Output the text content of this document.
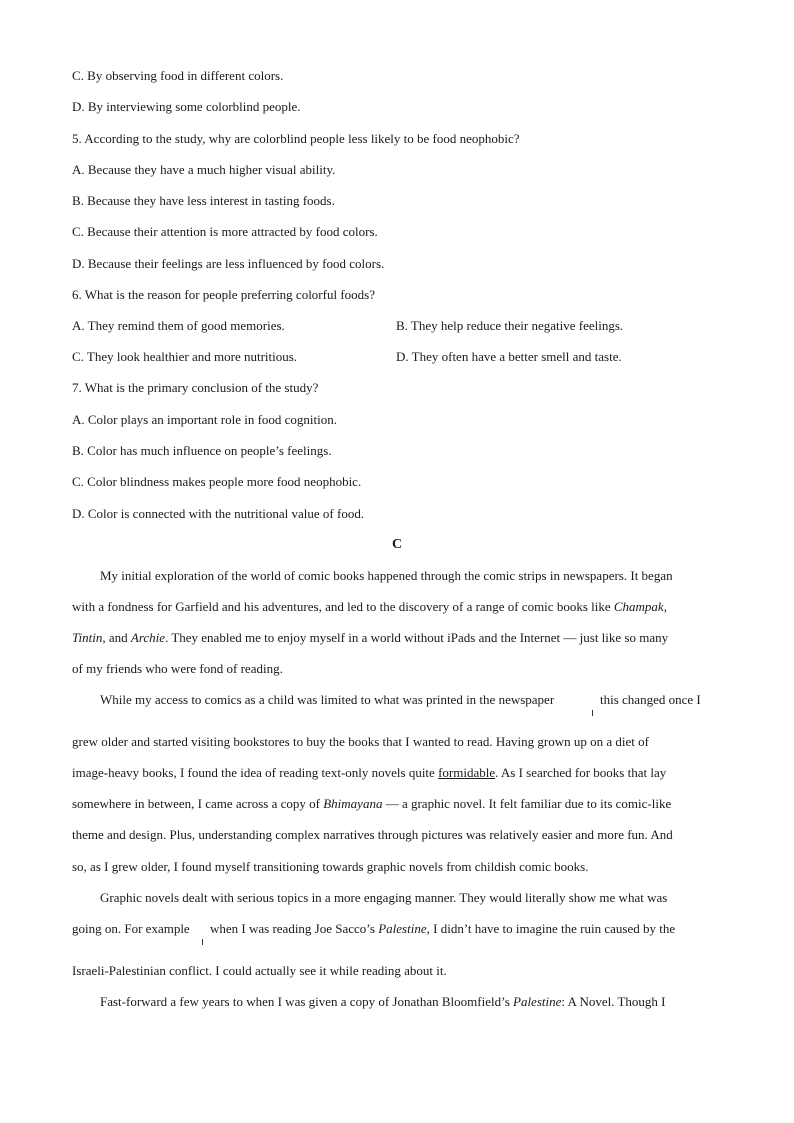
C. By observing food in different colors.
D. By interviewing some colorblind people.
5. According to the study, why are colorblind people less likely to be food neophobic?
A. Because they have a much higher visual ability.
B. Because they have less interest in tasting foods.
C. Because their attention is more attracted by food colors.
D. Because their feelings are less influenced by food colors.
6. What is the reason for people preferring colorful foods?
A. They remind them of good memories.	B. They help reduce their negative feelings.
C. They look healthier and more nutritious.	D. They often have a better smell and taste.
7. What is the primary conclusion of the study?
A. Color plays an important role in food cognition.
B. Color has much influence on people’s feelings.
C. Color blindness makes people more food neophobic.
D. Color is connected with the nutritional value of food.
C
My initial exploration of the world of comic books happened through the comic strips in newspapers. It began
with a fondness for Garfield and his adventures, and led to the discovery of a range of comic books like Champak,
Tintin, and Archie. They enabled me to enjoy myself in a world without iPads and the Internet — just like so many
of my friends who were fond of reading.
While my access to comics as a child was limited to what was printed in the newspaper	this changed once I
grew older and started visiting bookstores to buy the books that I wanted to read. Having grown up on a diet of
image-heavy books, I found the idea of reading text-only novels quite formidable. As I searched for books that lay
somewhere in between, I came across a copy of Bhimayana — a graphic novel. It felt familiar due to its comic-like
theme and design. Plus, understanding complex narratives through pictures was relatively easier and more fun. And
so, as I grew older, I found myself transitioning towards graphic novels from childish comic books.
Graphic novels dealt with serious topics in a more engaging manner. They would literally show me what was
going on. For example when I was reading Joe Sacco’s Palestine, I didn’t have to imagine the ruin caused by the
Israeli-Palestinian conflict. I could actually see it while reading about it.
Fast-forward a few years to when I was given a copy of Jonathan Bloomfield’s Palestine: A Novel. Though I
